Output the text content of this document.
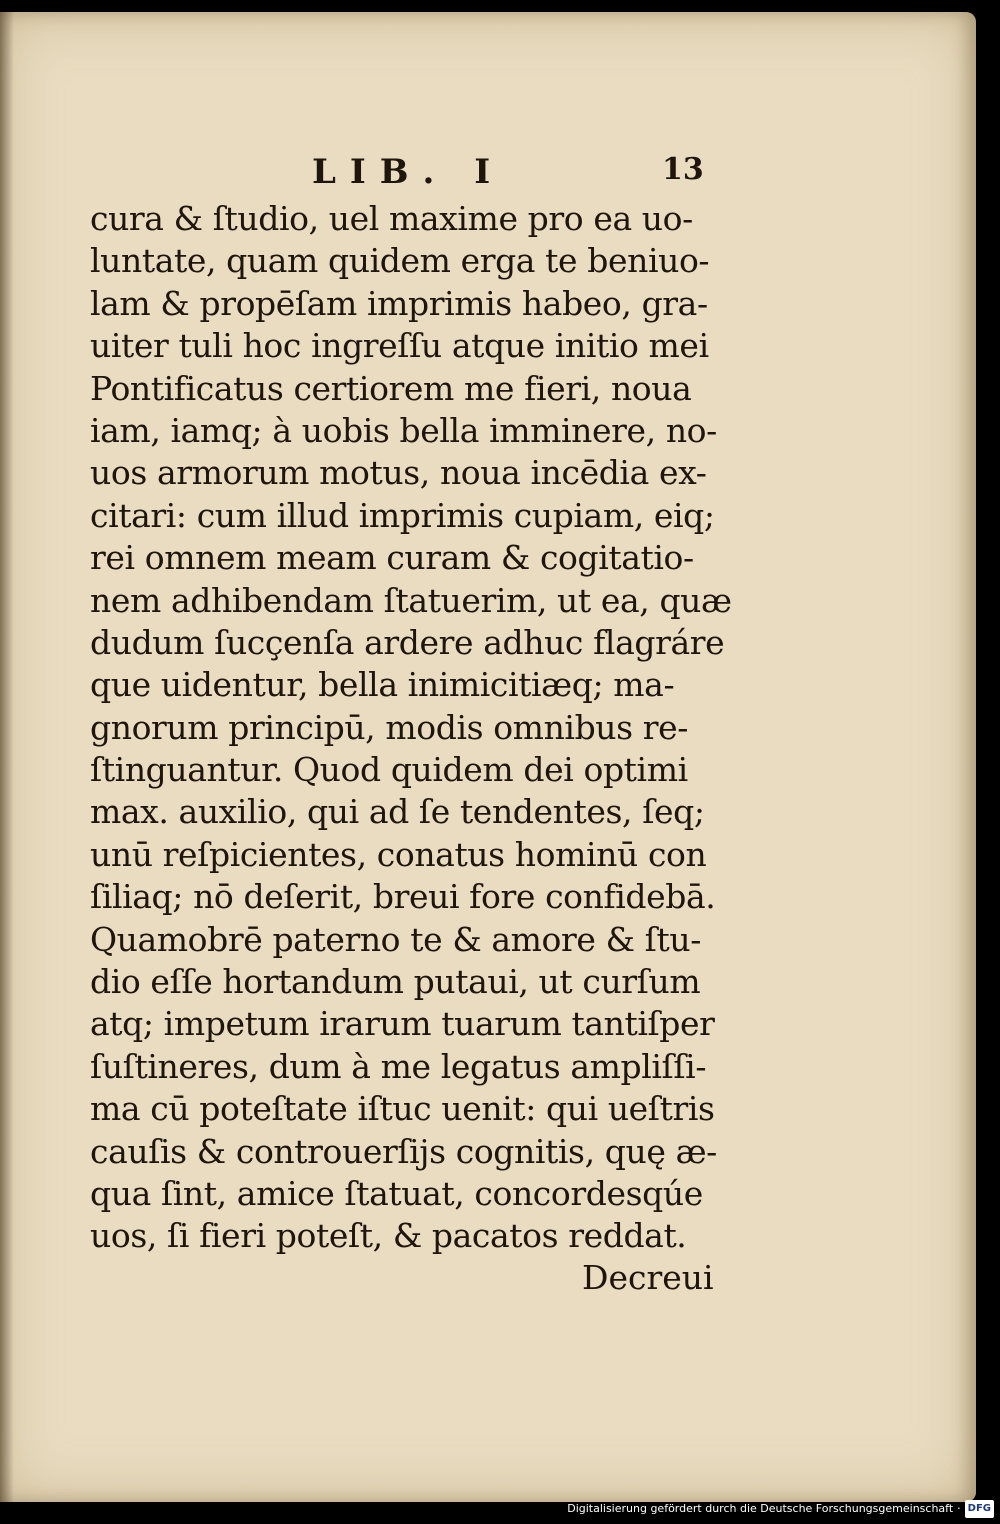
LIB. I	13
cura & ſtudio, uel maxime pro ea uo-
luntate, quam quidem erga te beniuo-
lam & propēſam imprimis habeo, gra-
uiter tuli hoc ingreſſu atque initio mei
Pontificatus certiorem me fieri, noua
iam, iamq; à uobis bella imminere, no-
uos armorum motus, noua incēdia ex-
citari: cum illud imprimis cupiam, eiq;
rei omnem meam curam & cogitatio-
nem adhibendam ſtatuerim, ut ea, quæ
dudum ſucçenſa ardere adhuc flagráre
que uidentur, bella inimicitiæq; ma-
gnorum principū, modis omnibus re-
ſtinguantur. Quod quidem dei optimi
max. auxilio, qui ad ſe tendentes, ſeq;
unū reſpicientes, conatus hominū con
ſiliaq; nō deſerit, breui fore confidebā.
Quamobrē paterno te & amore & ſtu-
dio eſſe hortandum putaui, ut curſum
atq; impetum irarum tuarum tantiſper
ſuſtineres, dum à me legatus ampliſſi-
ma cū poteſtate iſtuc uenit: qui ueſtris
cauſis & controuerſijs cognitis, quę æ-
qua ſint, amice ſtatuat, concordesqúe
uos, ſi fieri poteſt, & pacatos reddat.
Decreui
Digitalisierung gefördert durch die Deutsche Forschungsgemeinschaft · DFG
